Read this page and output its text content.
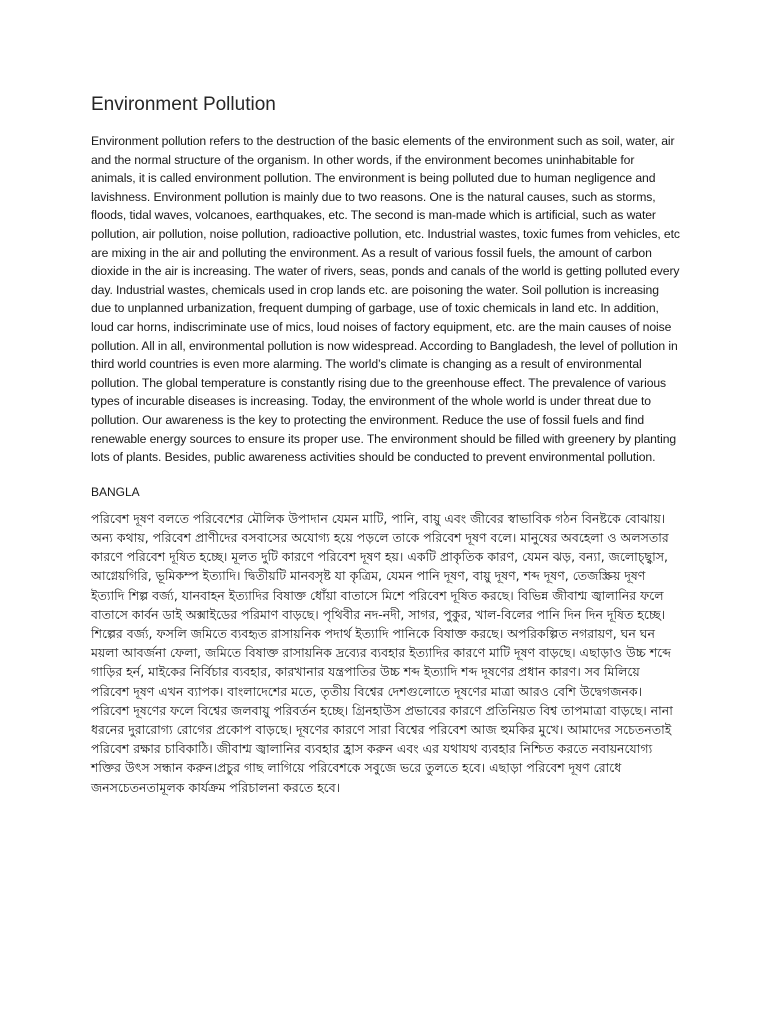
Environment Pollution

Environment pollution refers to the destruction of the basic elements of the environment such as soil, water, air and the normal structure of the organism. In other words, if the environment becomes uninhabitable for animals, it is called environment pollution. The environment is being polluted due to human negligence and lavishness. Environment pollution is mainly due to two reasons. One is the natural causes, such as storms, floods, tidal waves, volcanoes, earthquakes, etc. The second is man-made which is artificial, such as water pollution, air pollution, noise pollution, radioactive pollution, etc. Industrial wastes, toxic fumes from vehicles, etc are mixing in the air and polluting the environment. As a result of various fossil fuels, the amount of carbon dioxide in the air is increasing. The water of rivers, seas, ponds and canals of the world is getting polluted every day. Industrial wastes, chemicals used in crop lands etc. are poisoning the water. Soil pollution is increasing due to unplanned urbanization, frequent dumping of garbage, use of toxic chemicals in land etc. In addition, loud car horns, indiscriminate use of mics, loud noises of factory equipment, etc. are the main causes of noise pollution. All in all, environmental pollution is now widespread. According to Bangladesh, the level of pollution in third world countries is even more alarming. The world’s climate is changing as a result of environmental pollution. The global temperature is constantly rising due to the greenhouse effect. The prevalence of various types of incurable diseases is increasing. Today, the environment of the whole world is under threat due to pollution. Our awareness is the key to protecting the environment. Reduce the use of fossil fuels and find renewable energy sources to ensure its proper use. The environment should be filled with greenery by planting lots of plants. Besides, public awareness activities should be conducted to prevent environmental pollution.

BANGLA

পরিবেশ দূষণ বলতে পরিবেশের মৌলিক উপাদান যেমন মাটি, পানি, বায়ু এবং জীবের স্বাভাবিক গঠন বিনষ্টকে বোঝায়। অন্য কথায়, পরিবেশ প্রাণীদের বসবাসের অযোগ্য হয়ে পড়লে তাকে পরিবেশ দূষণ বলে। মানুষের অবহেলা ও অলসতার কারণে পরিবেশ দূষিত হচ্ছে। মূলত দুটি কারণে পরিবেশ দূষণ হয়। একটি প্রাকৃতিক কারণ, যেমন ঝড়, বন্যা, জলোচ্ছ্বাস, আগ্নেয়গিরি, ভূমিকম্প ইত্যাদি। দ্বিতীয়টি মানবসৃষ্ট যা কৃত্রিম, যেমন পানি দূষণ, বায়ু দূষণ, শব্দ দূষণ, তেজস্ক্রিয় দূষণ ইত্যাদি শিল্প বর্জ্য, যানবাহন ইত্যাদির বিষাক্ত ধোঁয়া বাতাসে মিশে পরিবেশ দূষিত করছে। বিভিন্ন জীবাশ্ম জ্বালানির ফলে বাতাসে কার্বন ডাই অক্সাইডের পরিমাণ বাড়ছে। পৃথিবীর নদ-নদী, সাগর, পুকুর, খাল-বিলের পানি দিন দিন দূষিত হচ্ছে। শিল্পের বর্জ্য, ফসলি জমিতে ব্যবহৃত রাসায়নিক পদার্থ ইত্যাদি পানিকে বিষাক্ত করছে। অপরিকল্পিত নগরায়ণ, ঘন ঘন ময়লা আবর্জনা ফেলা, জমিতে বিষাক্ত রাসায়নিক দ্রব্যের ব্যবহার ইত্যাদির কারণে মাটি দূষণ বাড়ছে। এছাড়াও উচ্চ শব্দে গাড়ির হর্ন, মাইকের নির্বিচার ব্যবহার, কারখানার যন্ত্রপাতির উচ্চ শব্দ ইত্যাদি শব্দ দূষণের প্রধান কারণ। সব মিলিয়ে পরিবেশ দূষণ এখন ব্যাপক। বাংলাদেশের মতে, তৃতীয় বিশ্বের দেশগুলোতে দূষণের মাত্রা আরও বেশি উদ্বেগজনক। পরিবেশ দূষণের ফলে বিশ্বের জলবায়ু পরিবর্তন হচ্ছে। গ্রিনহাউস প্রভাবের কারণে প্রতিনিয়ত বিশ্ব তাপমাত্রা বাড়ছে। নানা ধরনের দুরারোগ্য রোগের প্রকোপ বাড়ছে। দূষণের কারণে সারা বিশ্বের পরিবেশ আজ হুমকির মুখে। আমাদের সচেতনতাই পরিবেশ রক্ষার চাবিকাঠি। জীবাশ্ম জ্বালানির ব্যবহার হ্রাস করুন এবং এর যথাযথ ব্যবহার নিশ্চিত করতে নবায়নযোগ্য শক্তির উৎস সন্ধান করুন।প্রচুর গাছ লাগিয়ে পরিবেশকে সবুজে ভরে তুলতে হবে। এছাড়া পরিবেশ দূষণ রোধে জনসচেতনতামূলক কার্যক্রম পরিচালনা করতে হবে।
